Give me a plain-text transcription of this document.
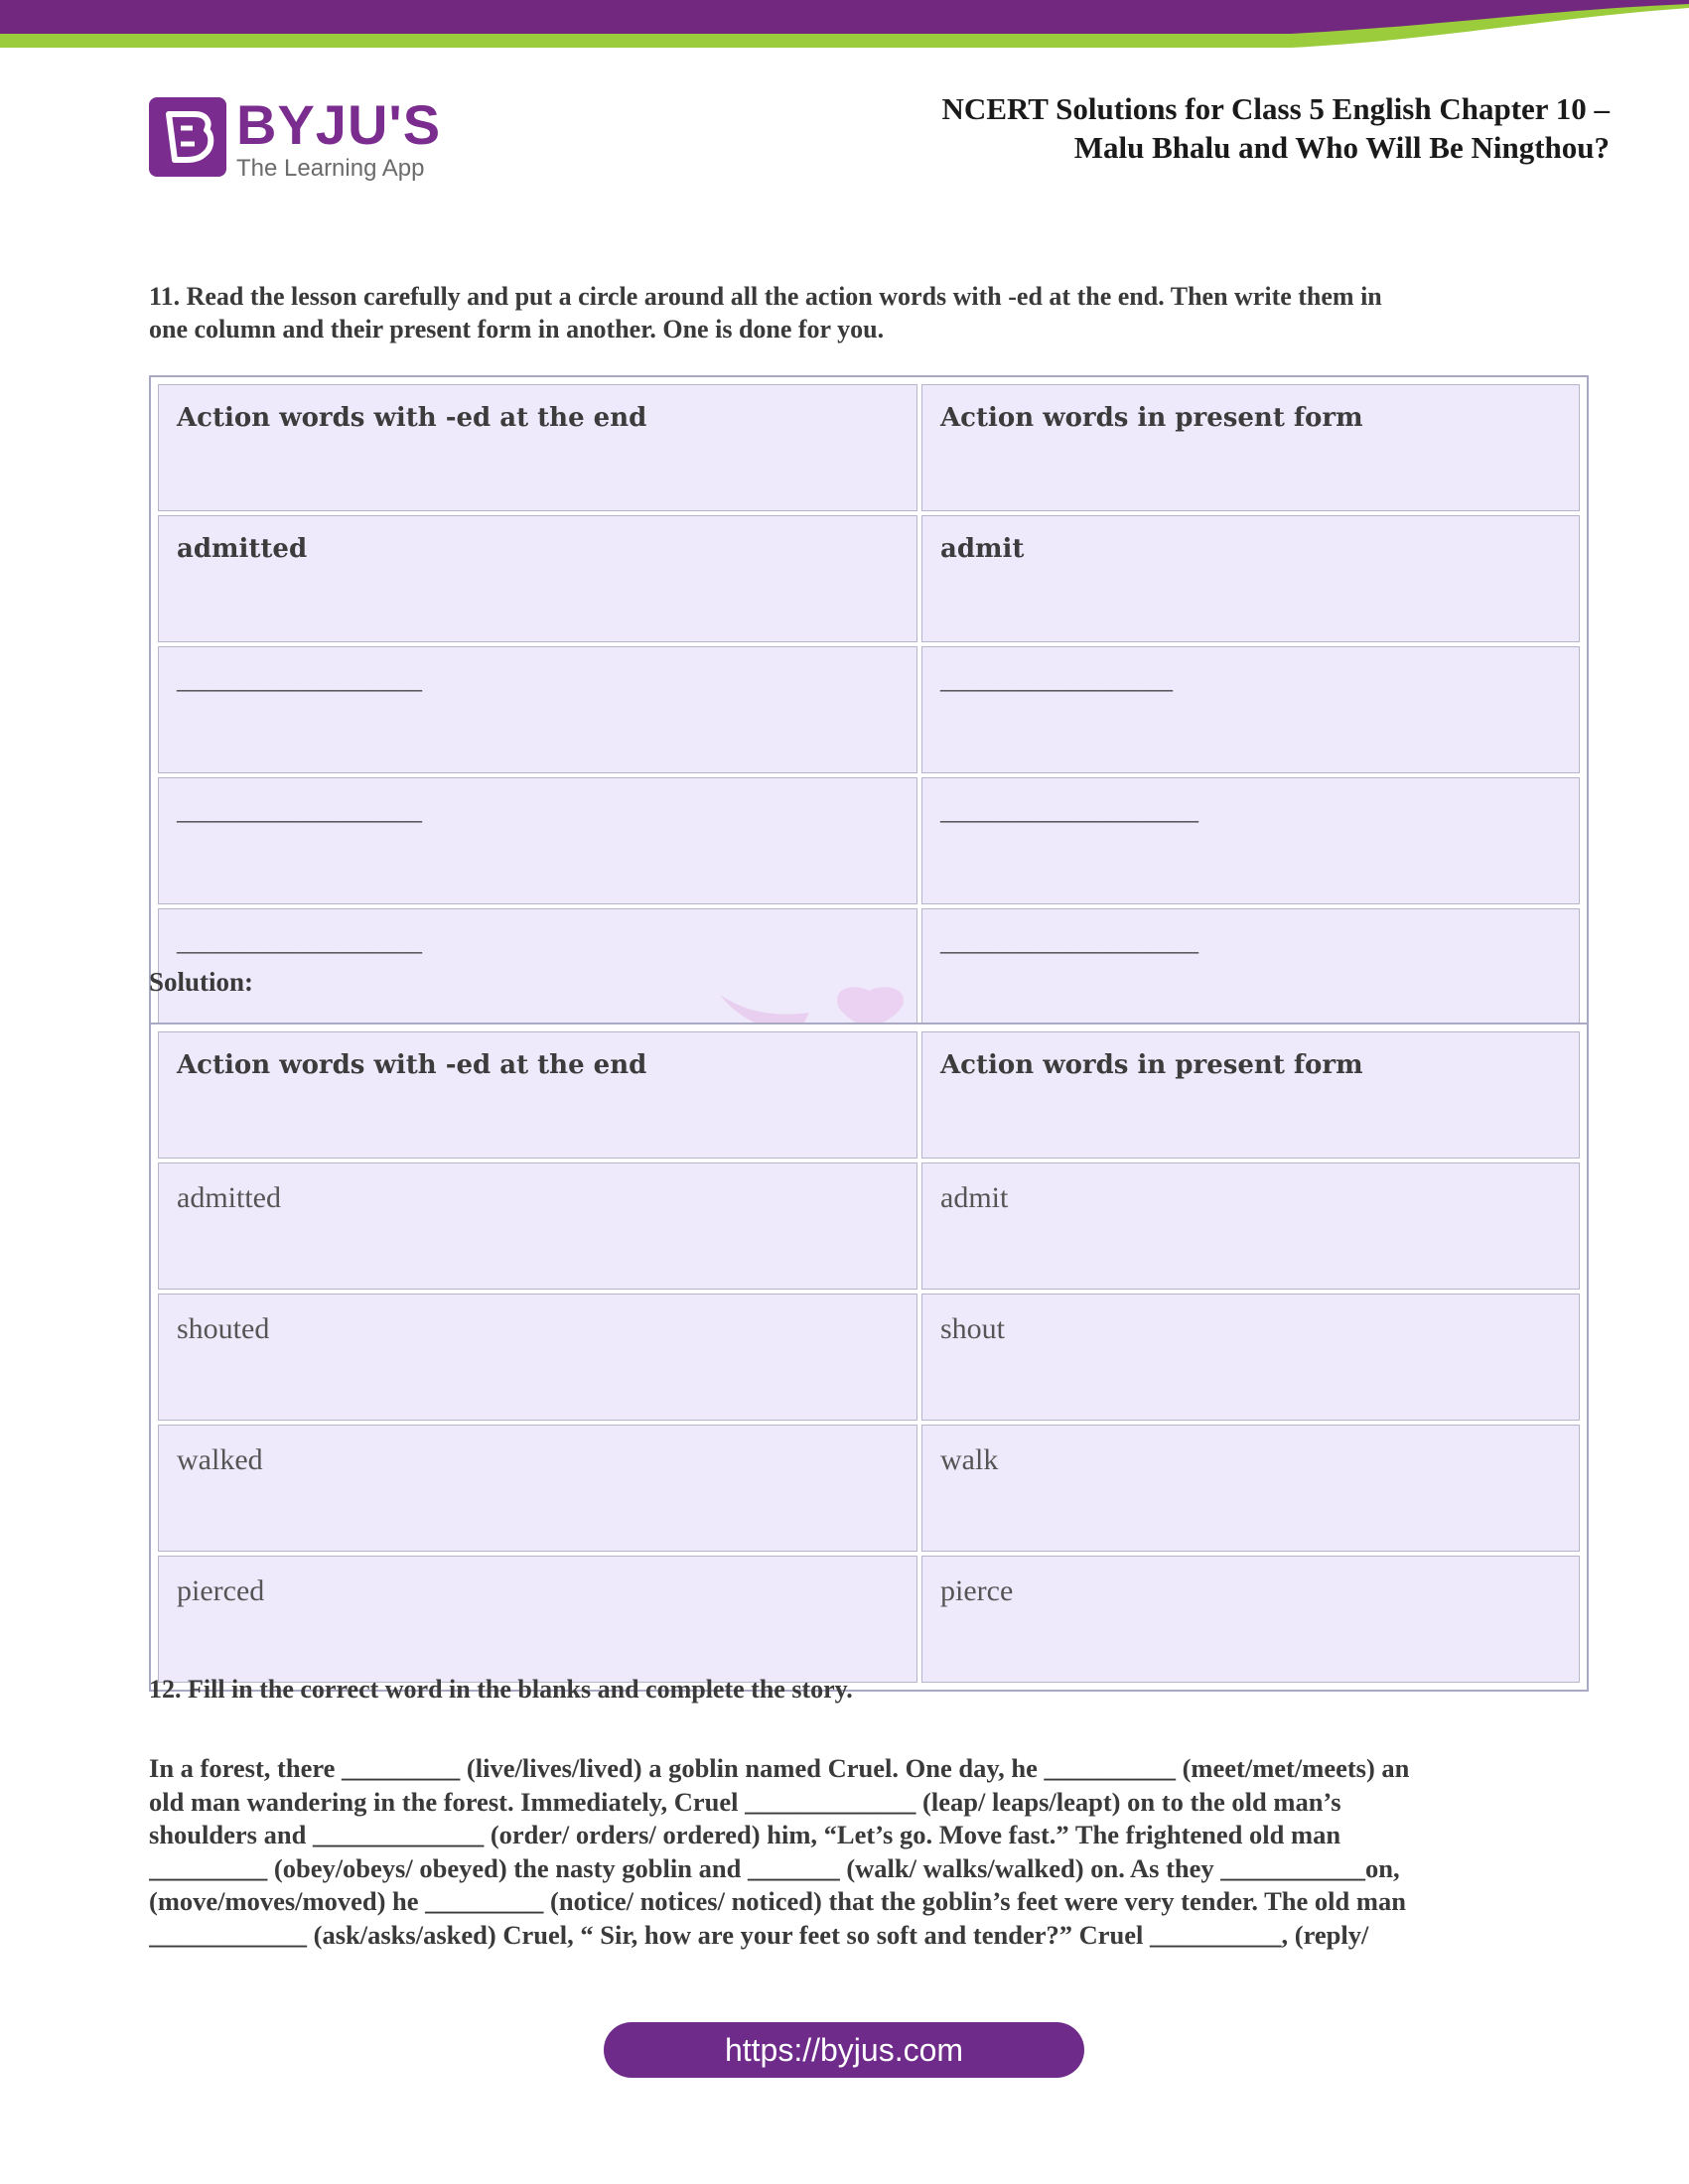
BYJU'S
The Learning App
NCERT Solutions for Class 5 English Chapter 10 –
Malu Bhalu and Who Will Be Ningthou?
11. Read the lesson carefully and put a circle around all the action words with -ed at the end. Then write them in
one column and their present form in another. One is done for you.
Action words with -ed at the end	Action words in present form
admitted	admit
___________________	__________________
___________________	____________________
___________________	____________________
Solution:
Action words with -ed at the end	Action words in present form
admitted	admit
shouted	shout
walked	walk
pierced	pierce
12. Fill in the correct word in the blanks and complete the story.
In a forest, there _________ (live/lives/lived) a goblin named Cruel. One day, he __________ (meet/met/meets) an
old man wandering in the forest. Immediately, Cruel _____________ (leap/ leaps/leapt) on to the old man’s
shoulders and _____________ (order/ orders/ ordered) him, “Let’s go. Move fast.” The frightened old man
_________ (obey/obeys/ obeyed) the nasty goblin and _______ (walk/ walks/walked) on. As they ___________on,
(move/moves/moved) he _________ (notice/ notices/ noticed) that the goblin’s feet were very tender. The old man
____________ (ask/asks/asked) Cruel, “ Sir, how are your feet so soft and tender?” Cruel __________, (reply/
https://byjus.com
